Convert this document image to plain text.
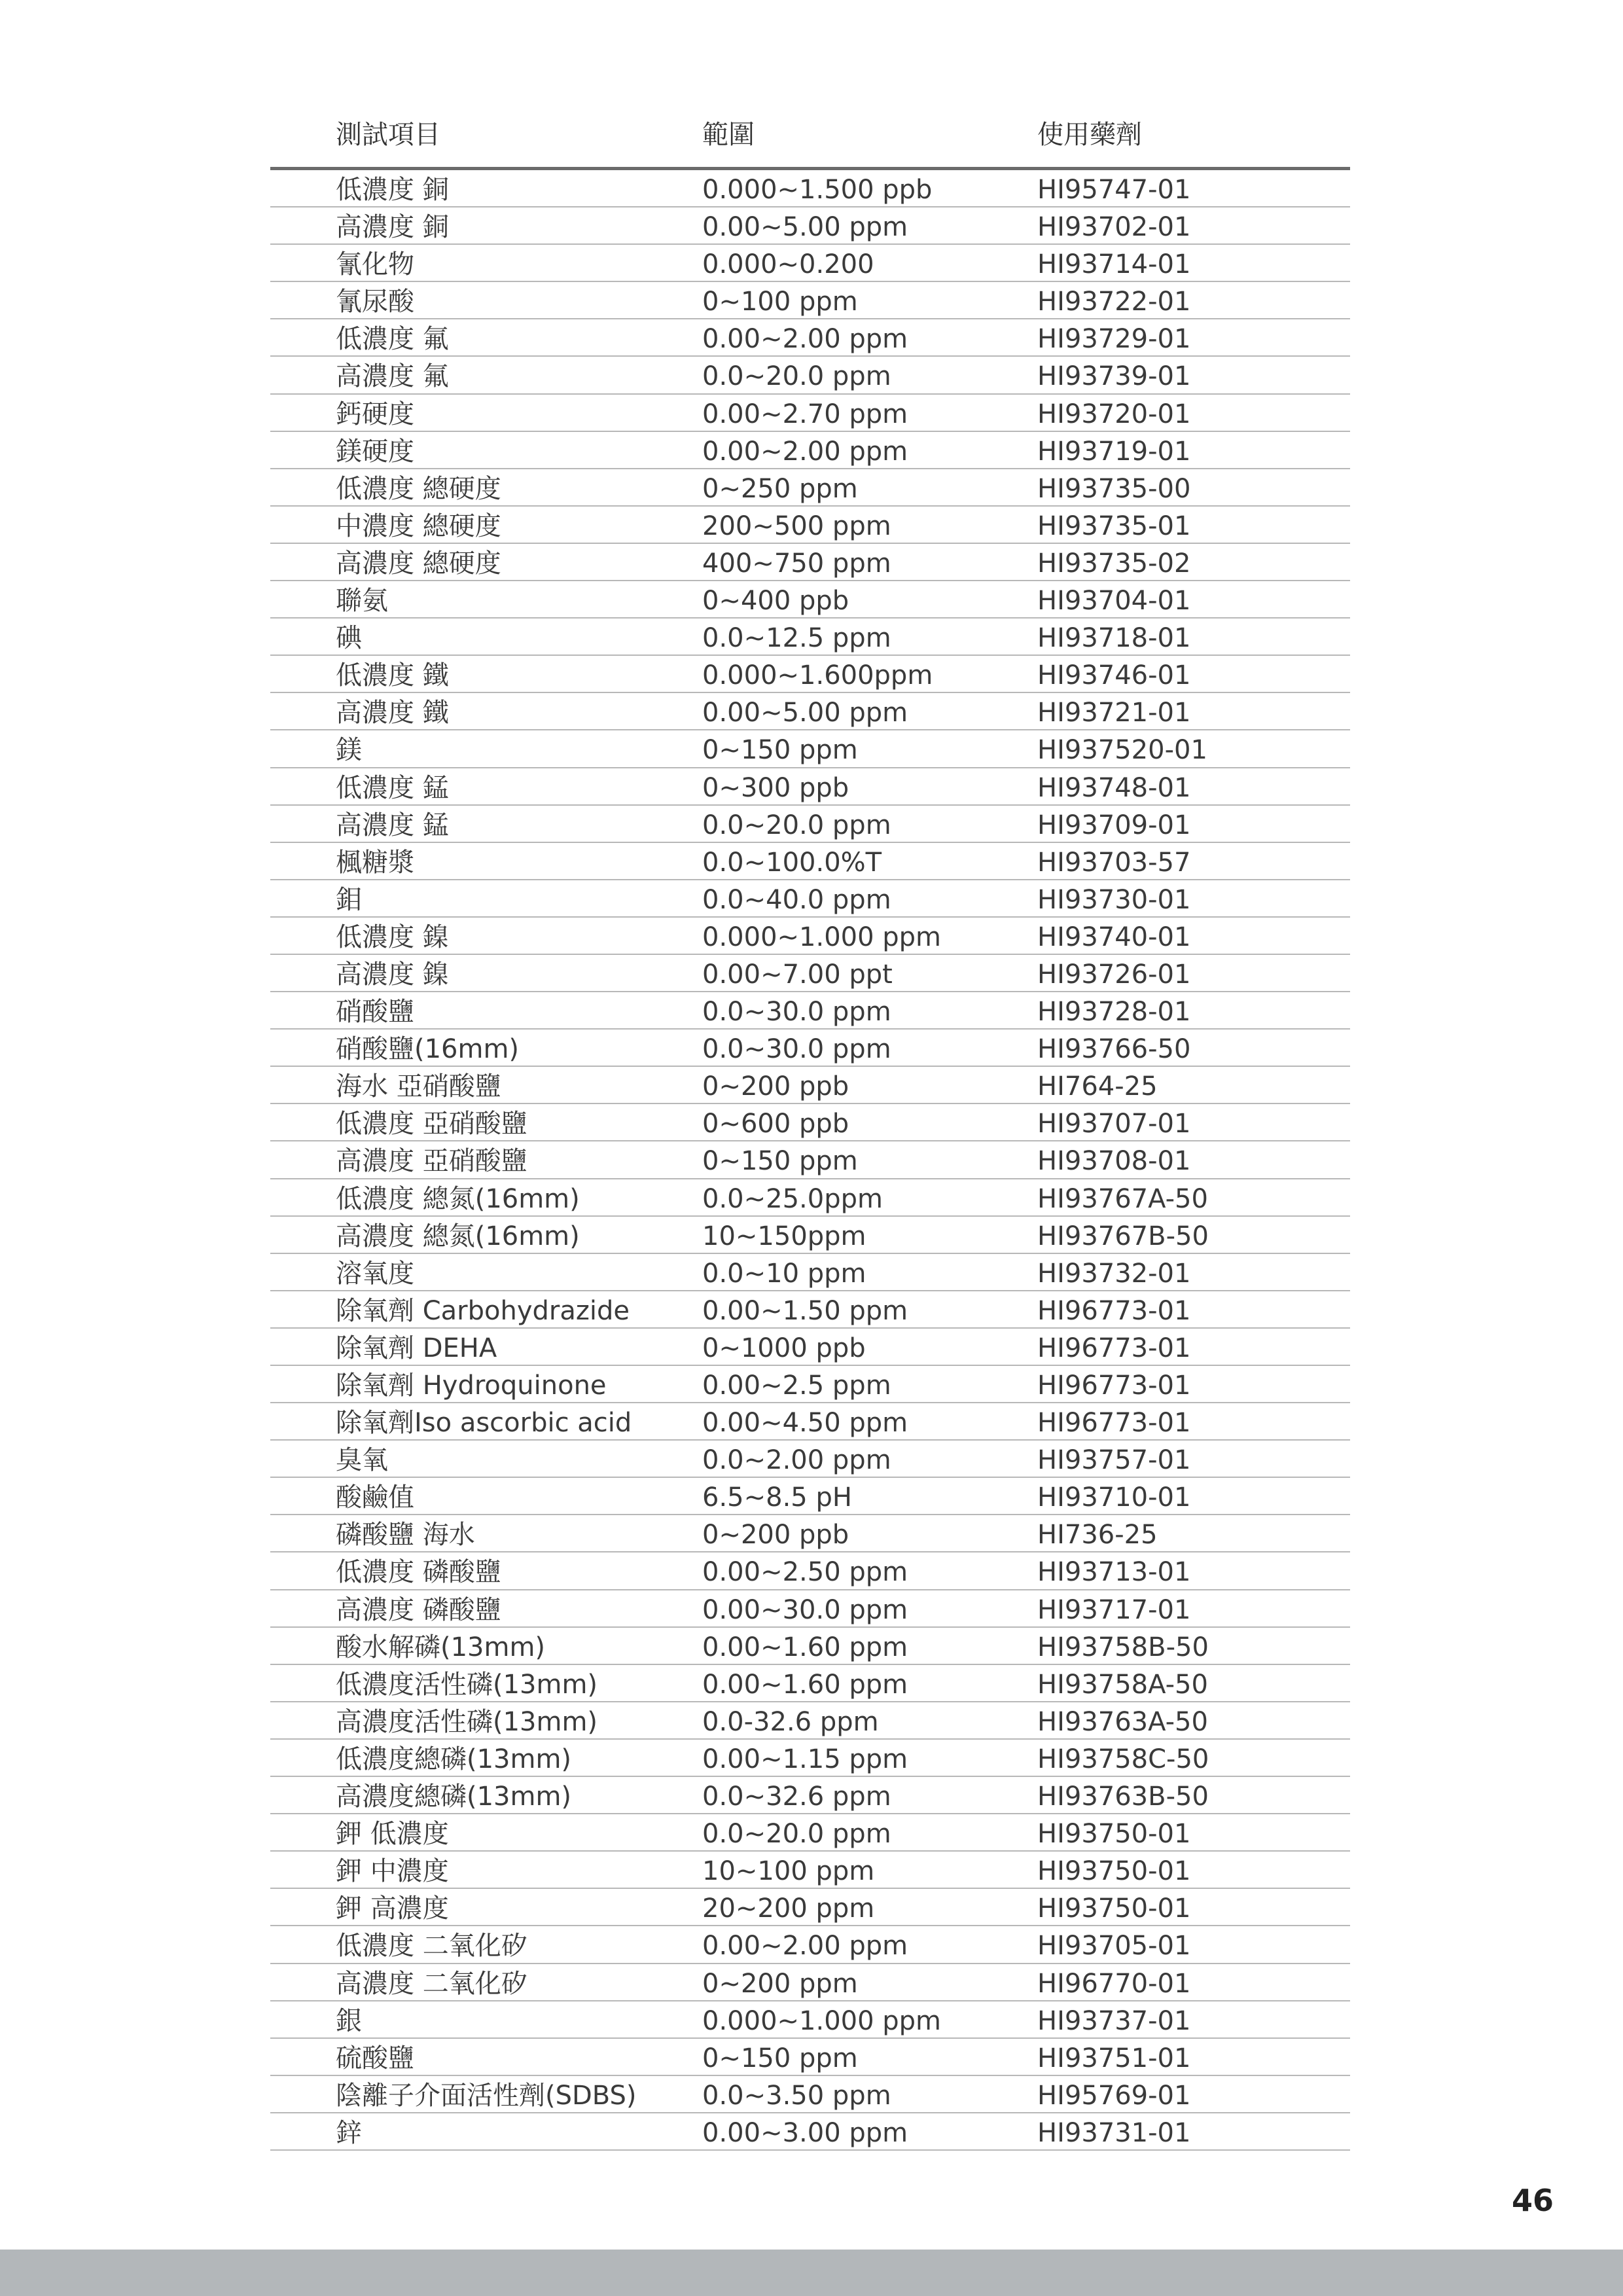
測試項目	範圍	使用藥劑
低濃度 銅	0.000~1.500 ppb	HI95747-01
高濃度 銅	0.00~5.00 ppm	HI93702-01
氰化物	0.000~0.200	HI93714-01
氰尿酸	0~100 ppm	HI93722-01
低濃度 氟	0.00~2.00 ppm	HI93729-01
高濃度 氟	0.0~20.0 ppm	HI93739-01
鈣硬度	0.00~2.70 ppm	HI93720-01
鎂硬度	0.00~2.00 ppm	HI93719-01
低濃度 總硬度	0~250 ppm	HI93735-00
中濃度 總硬度	200~500 ppm	HI93735-01
高濃度 總硬度	400~750 ppm	HI93735-02
聯氨	0~400 ppb	HI93704-01
碘	0.0~12.5 ppm	HI93718-01
低濃度 鐵	0.000~1.600ppm	HI93746-01
高濃度 鐵	0.00~5.00 ppm	HI93721-01
鎂	0~150 ppm	HI937520-01
低濃度 錳	0~300 ppb	HI93748-01
高濃度 錳	0.0~20.0 ppm	HI93709-01
楓糖漿	0.0~100.0%T	HI93703-57
鉬	0.0~40.0 ppm	HI93730-01
低濃度 鎳	0.000~1.000 ppm	HI93740-01
高濃度 鎳	0.00~7.00 ppt	HI93726-01
硝酸鹽	0.0~30.0 ppm	HI93728-01
硝酸鹽(16mm)	0.0~30.0 ppm	HI93766-50
海水 亞硝酸鹽	0~200 ppb	HI764-25
低濃度 亞硝酸鹽	0~600 ppb	HI93707-01
高濃度 亞硝酸鹽	0~150 ppm	HI93708-01
低濃度 總氮(16mm)	0.0~25.0ppm	HI93767A-50
高濃度 總氮(16mm)	10~150ppm	HI93767B-50
溶氧度	0.0~10 ppm	HI93732-01
除氧劑 Carbohydrazide	0.00~1.50 ppm	HI96773-01
除氧劑 DEHA	0~1000 ppb	HI96773-01
除氧劑 Hydroquinone	0.00~2.5 ppm	HI96773-01
除氧劑Iso ascorbic acid	0.00~4.50 ppm	HI96773-01
臭氧	0.0~2.00 ppm	HI93757-01
酸鹼值	6.5~8.5 pH	HI93710-01
磷酸鹽 海水	0~200 ppb	HI736-25
低濃度 磷酸鹽	0.00~2.50 ppm	HI93713-01
高濃度 磷酸鹽	0.00~30.0 ppm	HI93717-01
酸水解磷(13mm)	0.00~1.60 ppm	HI93758B-50
低濃度活性磷(13mm)	0.00~1.60 ppm	HI93758A-50
高濃度活性磷(13mm)	0.0-32.6 ppm	HI93763A-50
低濃度總磷(13mm)	0.00~1.15 ppm	HI93758C-50
高濃度總磷(13mm)	0.0~32.6 ppm	HI93763B-50
鉀 低濃度	0.0~20.0 ppm	HI93750-01
鉀 中濃度	10~100 ppm	HI93750-01
鉀 高濃度	20~200 ppm	HI93750-01
低濃度 二氧化矽	0.00~2.00 ppm	HI93705-01
高濃度 二氧化矽	0~200 ppm	HI96770-01
銀	0.000~1.000 ppm	HI93737-01
硫酸鹽	0~150 ppm	HI93751-01
陰離子介面活性劑(SDBS)	0.0~3.50 ppm	HI95769-01
鋅	0.00~3.00 ppm	HI93731-01
46
